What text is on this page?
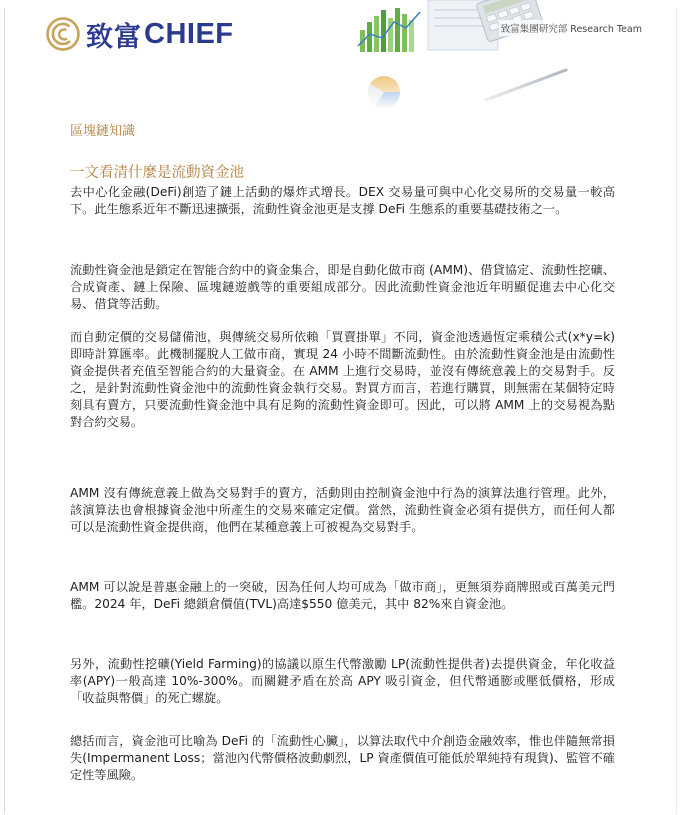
致富 CHIEF	致富集團研究部 Research Team
區塊鏈知識
一文看清什麼是流動資金池

去中心化金融(DeFi)創造了鏈上活動的爆炸式增長。DEX 交易量可與中心化交易所的交易量一較高下。此生態系近年不斷迅速擴張，流動性資金池更是支撐 DeFi 生態系的重要基礎技術之一。

流動性資金池是鎖定在智能合約中的資金集合，即是自動化做市商 (AMM)、借貸協定、流動性挖礦、合成資產、鏈上保險、區塊鏈遊戲等的重要組成部分。因此流動性資金池近年明顯促進去中心化交易、借貸等活動。

而自動定價的交易儲備池，與傳統交易所依賴「買賣掛單」不同，資金池透過恆定乘積公式(x*y=k)即時計算匯率。此機制擺脫人工做市商，實現 24 小時不間斷流動性。由於流動性資金池是由流動性資金提供者充值至智能合約的大量資金。在 AMM 上進行交易時，並沒有傳統意義上的交易對手。反之，是針對流動性資金池中的流動性資金執行交易。對買方而言，若進行購買，則無需在某個特定時刻具有賣方，只要流動性資金池中具有足夠的流動性資金即可。因此，可以將 AMM 上的交易視為點對合約交易。

AMM 沒有傳統意義上做為交易對手的賣方，活動則由控制資金池中行為的演算法進行管理。此外，該演算法也會根據資金池中所產生的交易來確定定價。當然，流動性資金必須有提供方，而任何人都可以是流動性資金提供商，他們在某種意義上可被視為交易對手。

AMM 可以說是普惠金融上的一突破，因為任何人均可成為「做市商」，更無須券商牌照或百萬美元門檻。2024 年，DeFi 總鎖倉價值(TVL)高達$550 億美元，其中 82%來自資金池。

另外，流動性挖礦(Yield Farming)的協議以原生代幣激勵 LP(流動性提供者)去提供資金，年化收益率(APY)一般高達 10%-300%。而關鍵矛盾在於高 APY 吸引資金，但代幣通膨或壓低價格，形成「收益與幣價」的死亡螺旋。

總括而言，資金池可比喻為 DeFi 的「流動性心臟」，以算法取代中介創造金融效率，惟也伴隨無常損失(Impermanent Loss；當池內代幣價格波動劇烈，LP 資產價值可能低於單純持有現貨)、監管不確定性等風險。
